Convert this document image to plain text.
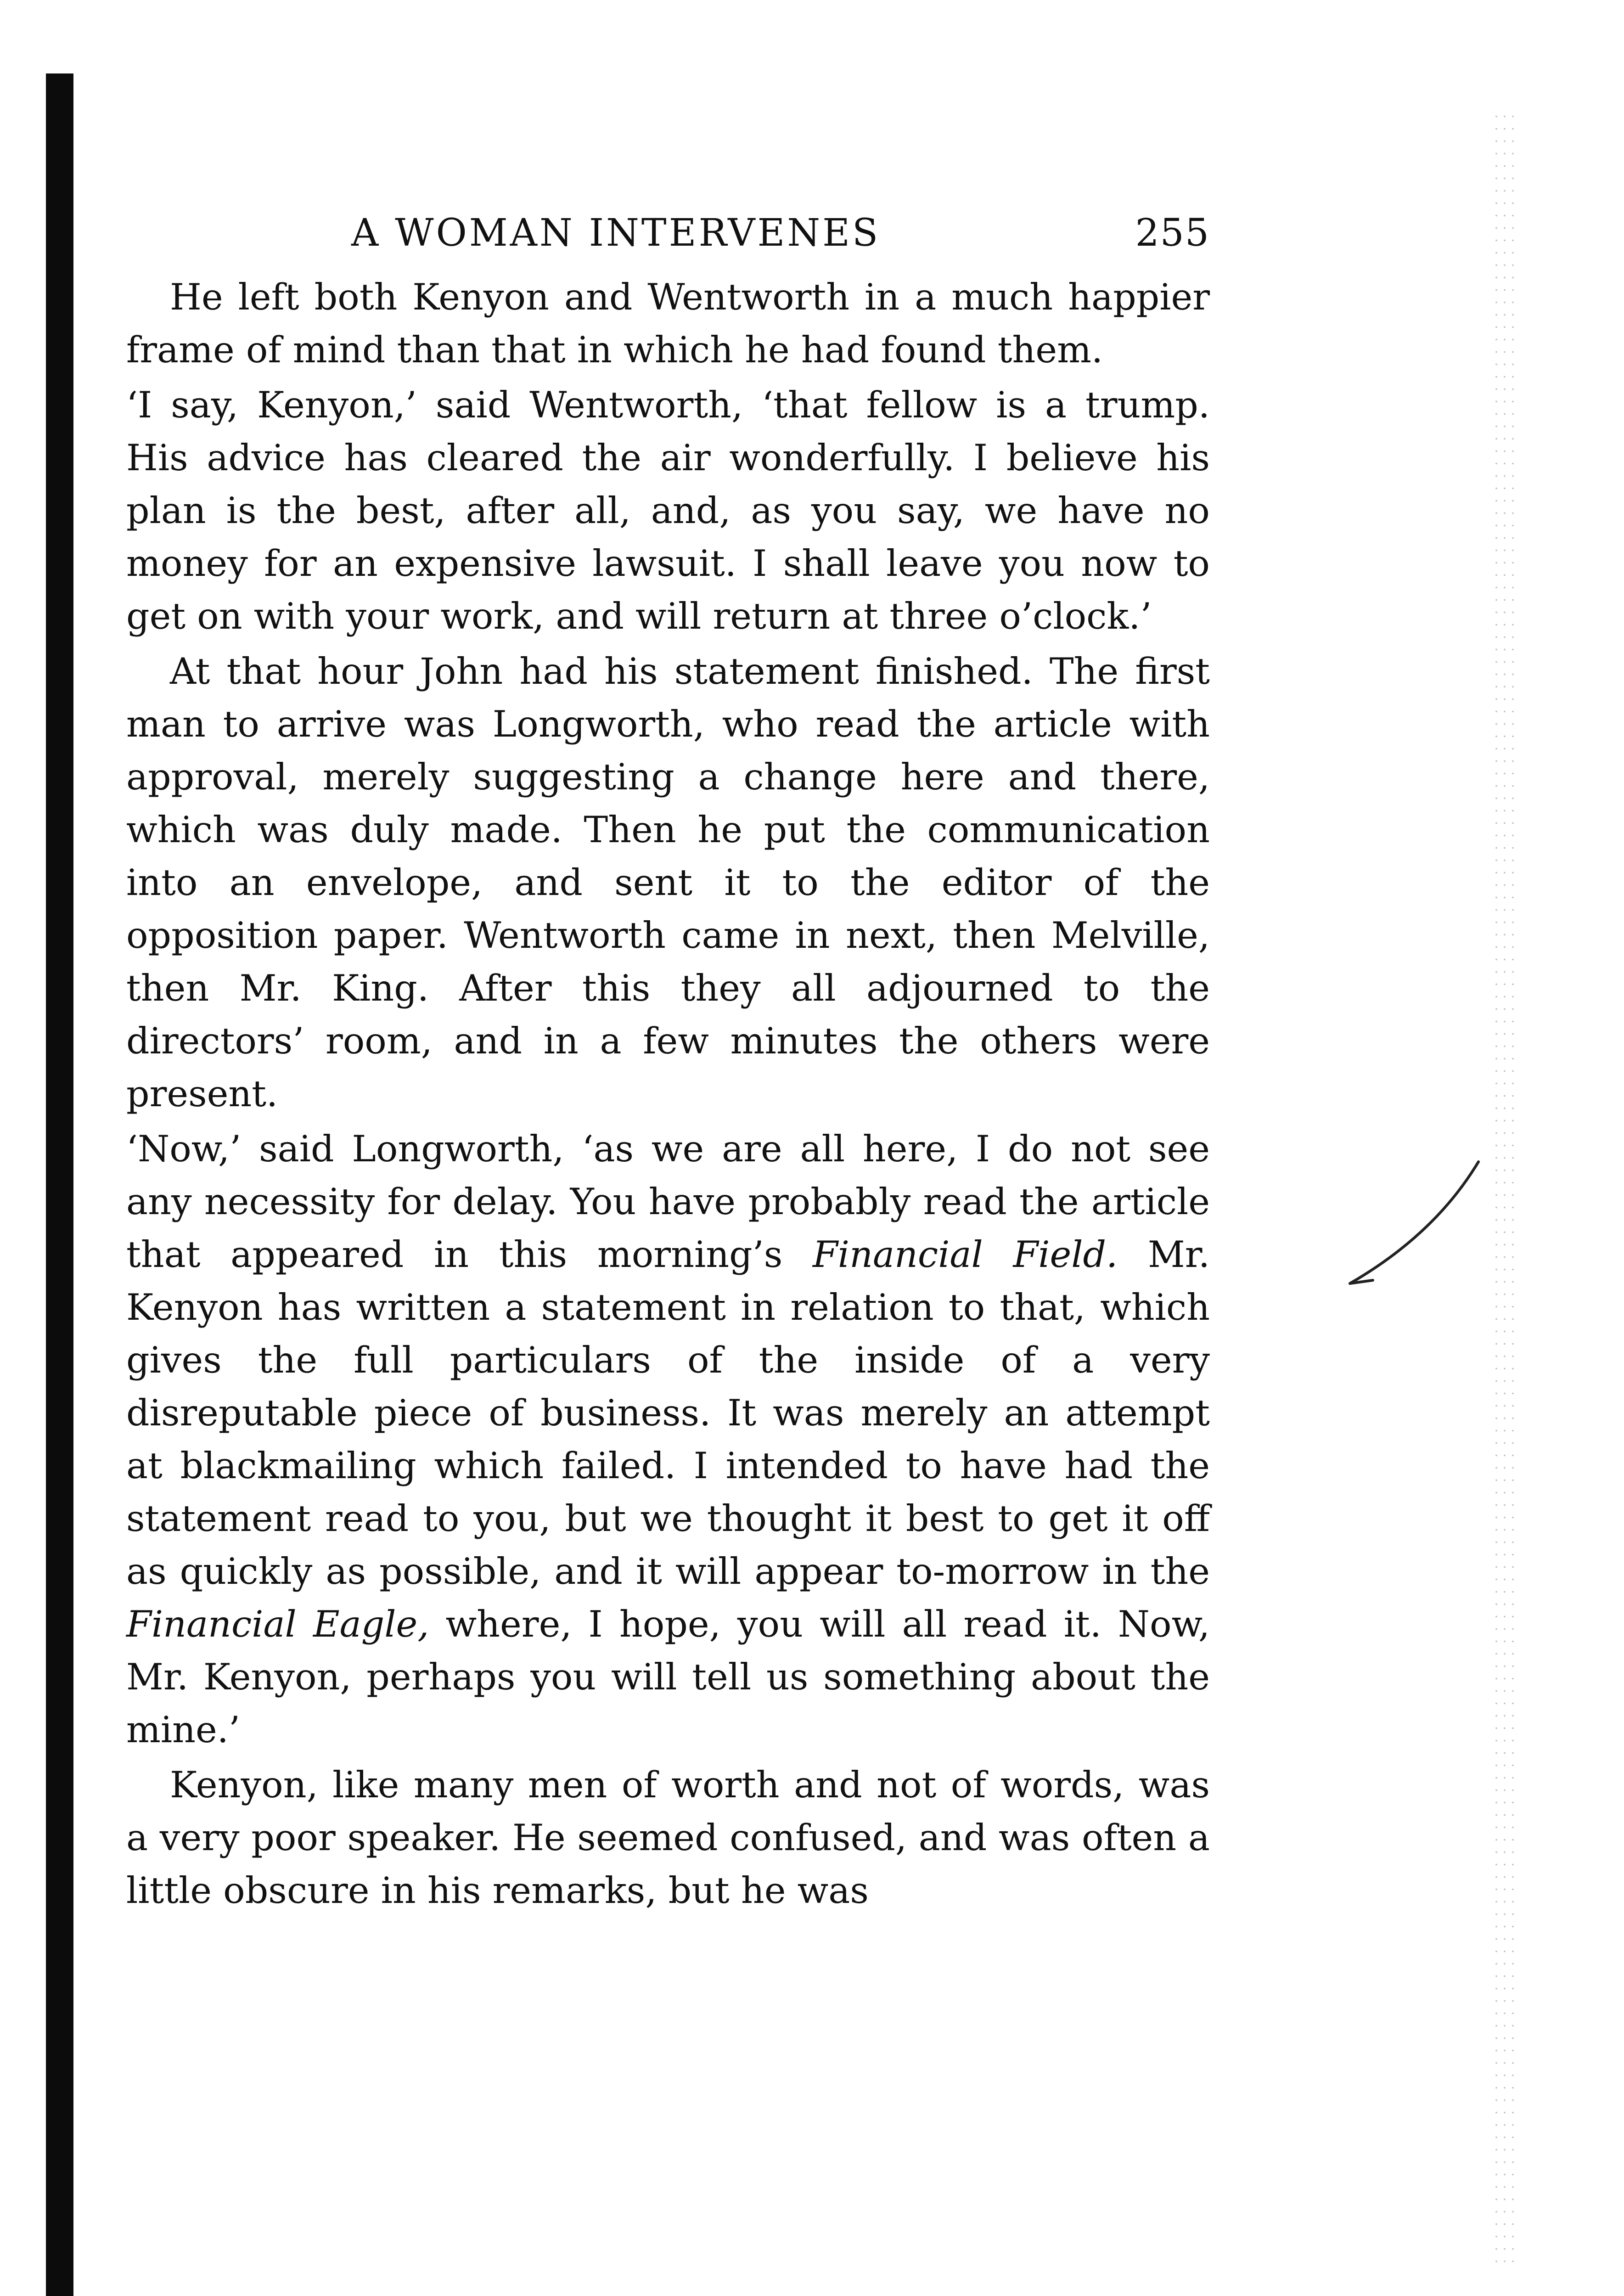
A WOMAN INTERVENES	255

He left both Kenyon and Wentworth in a much happier frame of mind than that in which he had found them.

‘I say, Kenyon,’ said Wentworth, ‘that fellow is a trump. His advice has cleared the air wonderfully. I believe his plan is the best, after all, and, as you say, we have no money for an expensive lawsuit. I shall leave you now to get on with your work, and will return at three o’clock.’

At that hour John had his statement finished. The first man to arrive was Longworth, who read the article with approval, merely suggesting a change here and there, which was duly made. Then he put the communication into an envelope, and sent it to the editor of the opposition paper. Wentworth came in next, then Melville, then Mr. King. After this they all adjourned to the directors’ room, and in a few minutes the others were present.

‘Now,’ said Longworth, ‘as we are all here, I do not see any necessity for delay. You have probably read the article that appeared in this morning’s Financial Field. Mr. Kenyon has written a statement in relation to that, which gives the full particulars of the inside of a very disreputable piece of business. It was merely an attempt at blackmailing which failed. I intended to have had the statement read to you, but we thought it best to get it off as quickly as possible, and it will appear to-morrow in the Financial Eagle, where, I hope, you will all read it. Now, Mr. Kenyon, perhaps you will tell us something about the mine.’

Kenyon, like many men of worth and not of words, was a very poor speaker. He seemed confused, and was often a little obscure in his remarks, but he was
